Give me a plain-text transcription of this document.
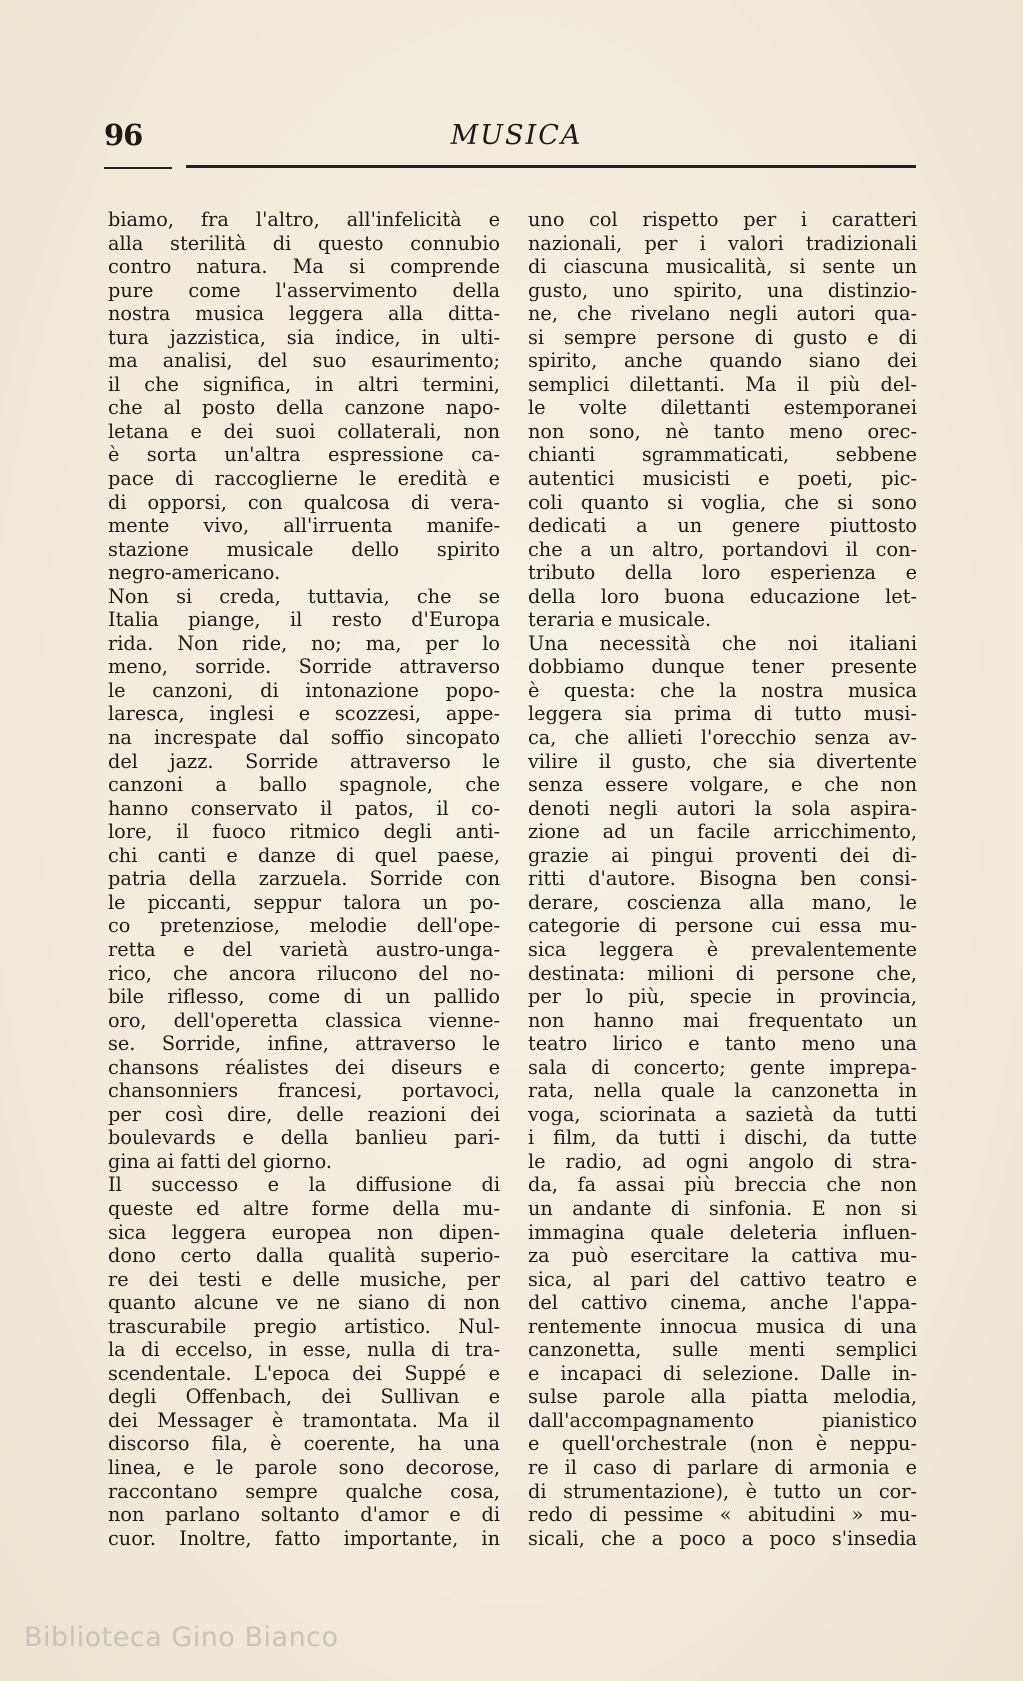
96	MUSICA
biamo, fra l'altro, all'infelicità e
alla sterilità di questo connubio
contro natura. Ma si comprende
pure come l'asservimento della
nostra musica leggera alla ditta-
tura jazzistica, sia indice, in ulti-
ma analisi, del suo esaurimento;
il che significa, in altri termini,
che al posto della canzone napo-
letana e dei suoi collaterali, non
è sorta un'altra espressione ca-
pace di raccoglierne le eredità e
di opporsi, con qualcosa di vera-
mente vivo, all'irruenta manife-
stazione musicale dello spirito
negro-americano.
Non si creda, tuttavia, che se
Italia piange, il resto d'Europa
rida. Non ride, no; ma, per lo
meno, sorride. Sorride attraverso
le canzoni, di intonazione popo-
laresca, inglesi e scozzesi, appe-
na increspate dal soffio sincopato
del jazz. Sorride attraverso le
canzoni a ballo spagnole, che
hanno conservato il patos, il co-
lore, il fuoco ritmico degli anti-
chi canti e danze di quel paese,
patria della zarzuela. Sorride con
le piccanti, seppur talora un po-
co pretenziose, melodie dell'ope-
retta e del varietà austro-unga-
rico, che ancora rilucono del no-
bile riflesso, come di un pallido
oro, dell'operetta classica vienne-
se. Sorride, infine, attraverso le
chansons réalistes dei diseurs e
chansonniers francesi, portavoci,
per così dire, delle reazioni dei
boulevards e della banlieu pari-
gina ai fatti del giorno.
Il successo e la diffusione di
queste ed altre forme della mu-
sica leggera europea non dipen-
dono certo dalla qualità superio-
re dei testi e delle musiche, per
quanto alcune ve ne siano di non
trascurabile pregio artistico. Nul-
la di eccelso, in esse, nulla di tra-
scendentale. L'epoca dei Suppé e
degli Offenbach, dei Sullivan e
dei Messager è tramontata. Ma il
discorso fila, è coerente, ha una
linea, e le parole sono decorose,
raccontano sempre qualche cosa,
non parlano soltanto d'amor e di
cuor. Inoltre, fatto importante, in
uno col rispetto per i caratteri
nazionali, per i valori tradizionali
di ciascuna musicalità, si sente un
gusto, uno spirito, una distinzio-
ne, che rivelano negli autori qua-
si sempre persone di gusto e di
spirito, anche quando siano dei
semplici dilettanti. Ma il più del-
le volte dilettanti estemporanei
non sono, nè tanto meno orec-
chianti sgrammaticati, sebbene
autentici musicisti e poeti, pic-
coli quanto si voglia, che si sono
dedicati a un genere piuttosto
che a un altro, portandovi il con-
tributo della loro esperienza e
della loro buona educazione let-
teraria e musicale.
Una necessità che noi italiani
dobbiamo dunque tener presente
è questa: che la nostra musica
leggera sia prima di tutto musi-
ca, che allieti l'orecchio senza av-
vilire il gusto, che sia divertente
senza essere volgare, e che non
denoti negli autori la sola aspira-
zione ad un facile arricchimento,
grazie ai pingui proventi dei di-
ritti d'autore. Bisogna ben consi-
derare, coscienza alla mano, le
categorie di persone cui essa mu-
sica leggera è prevalentemente
destinata: milioni di persone che,
per lo più, specie in provincia,
non hanno mai frequentato un
teatro lirico e tanto meno una
sala di concerto; gente imprepa-
rata, nella quale la canzonetta in
voga, sciorinata a sazietà da tutti
i film, da tutti i dischi, da tutte
le radio, ad ogni angolo di stra-
da, fa assai più breccia che non
un andante di sinfonia. E non si
immagina quale deleteria influen-
za può esercitare la cattiva mu-
sica, al pari del cattivo teatro e
del cattivo cinema, anche l'appa-
rentemente innocua musica di una
canzonetta, sulle menti semplici
e incapaci di selezione. Dalle in-
sulse parole alla piatta melodia,
dall'accompagnamento pianistico
e quell'orchestrale (non è neppu-
re il caso di parlare di armonia e
di strumentazione), è tutto un cor-
redo di pessime « abitudini » mu-
sicali, che a poco a poco s'insedia
Biblioteca Gino Bianco
